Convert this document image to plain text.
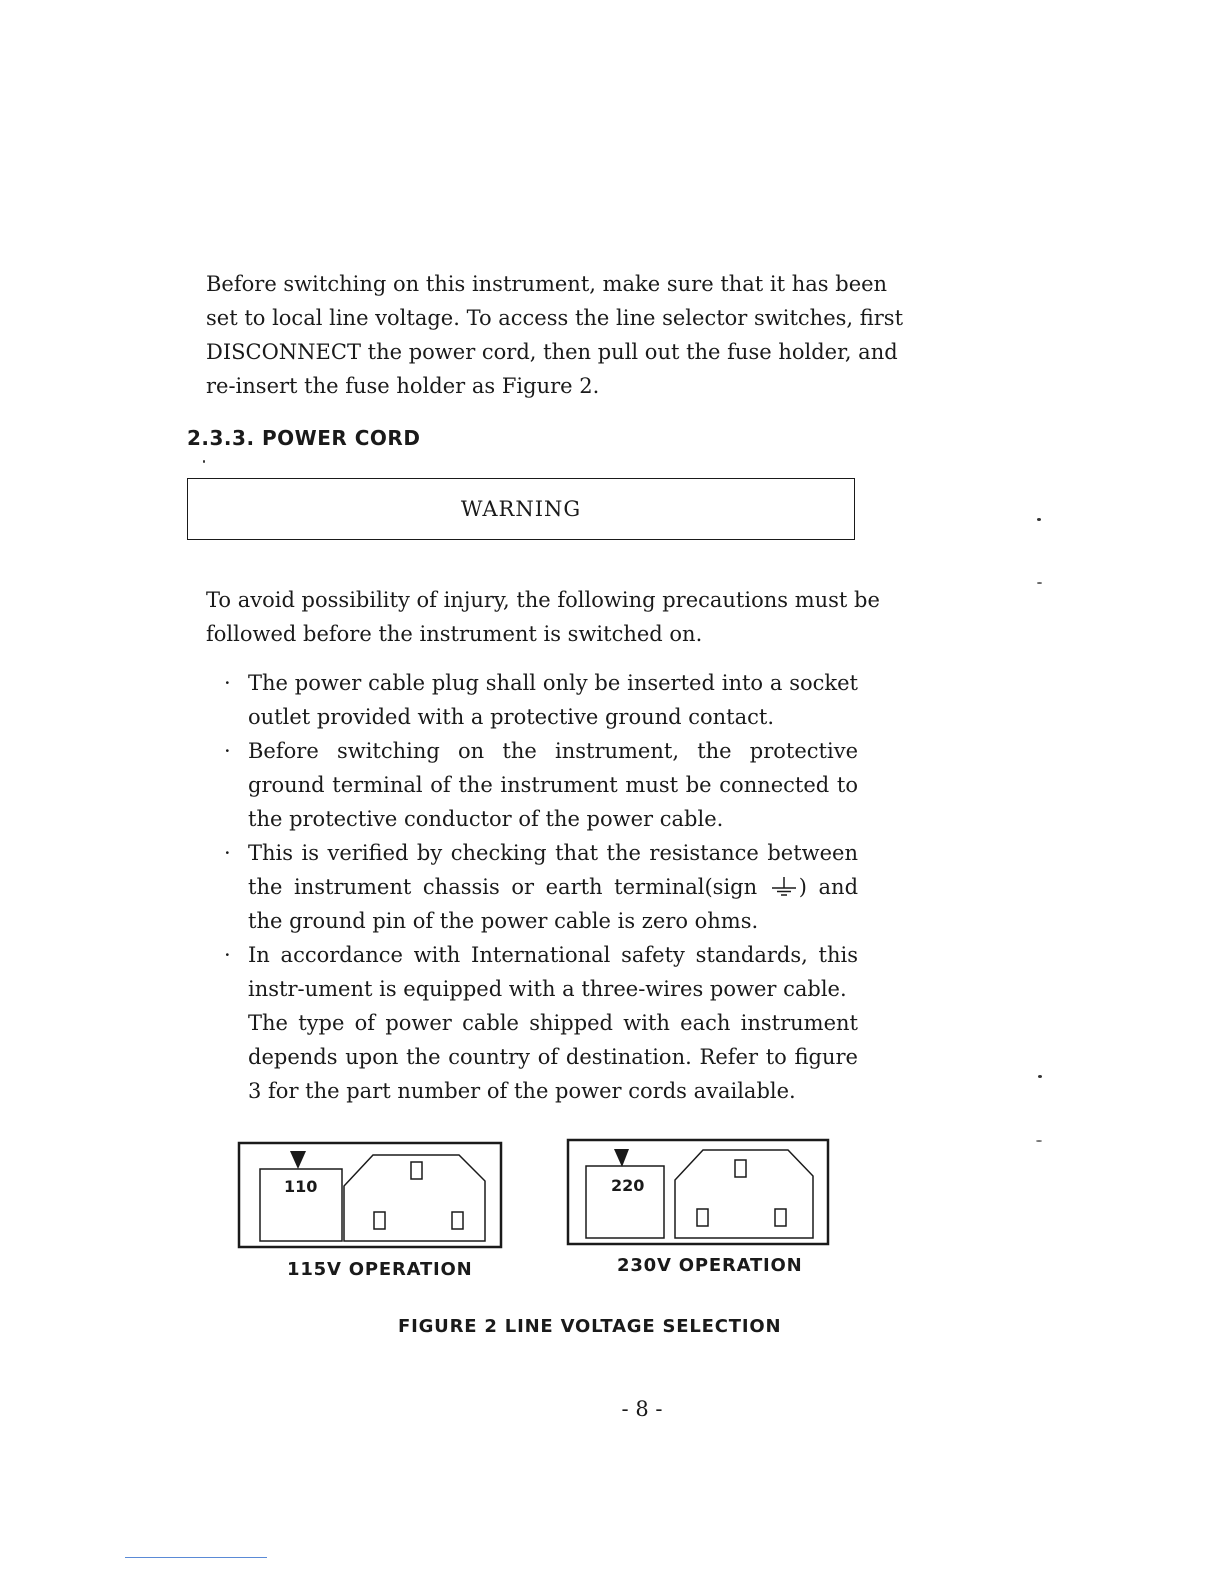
Before switching on this instrument, make sure that it has been
set to local line voltage. To access the line selector switches, first
DISCONNECT the power cord, then pull out the fuse holder, and
re-insert the fuse holder as Figure 2.
2.3.3. POWER CORD
WARNING
To avoid possibility of injury, the following precautions must be
followed before the instrument is switched on.
· The power cable plug shall only be inserted into a socket outlet provided with a protective ground contact.
· Before switching on the instrument, the protective ground terminal of the instrument must be connected to the protective conductor of the power cable.
· This is verified by checking that the resistance between the instrument chassis or earth terminal(sign ) and the ground pin of the power cable is zero ohms.
· In accordance with International safety standards, this instr-ument is equipped with a three-wires power cable.
The type of power cable shipped with each instrument depends upon the country of destination. Refer to figure 3 for the part number of the power cords available.
110
115V OPERATION
220
230V OPERATION
FIGURE 2 LINE VOLTAGE SELECTION
- 8 -
